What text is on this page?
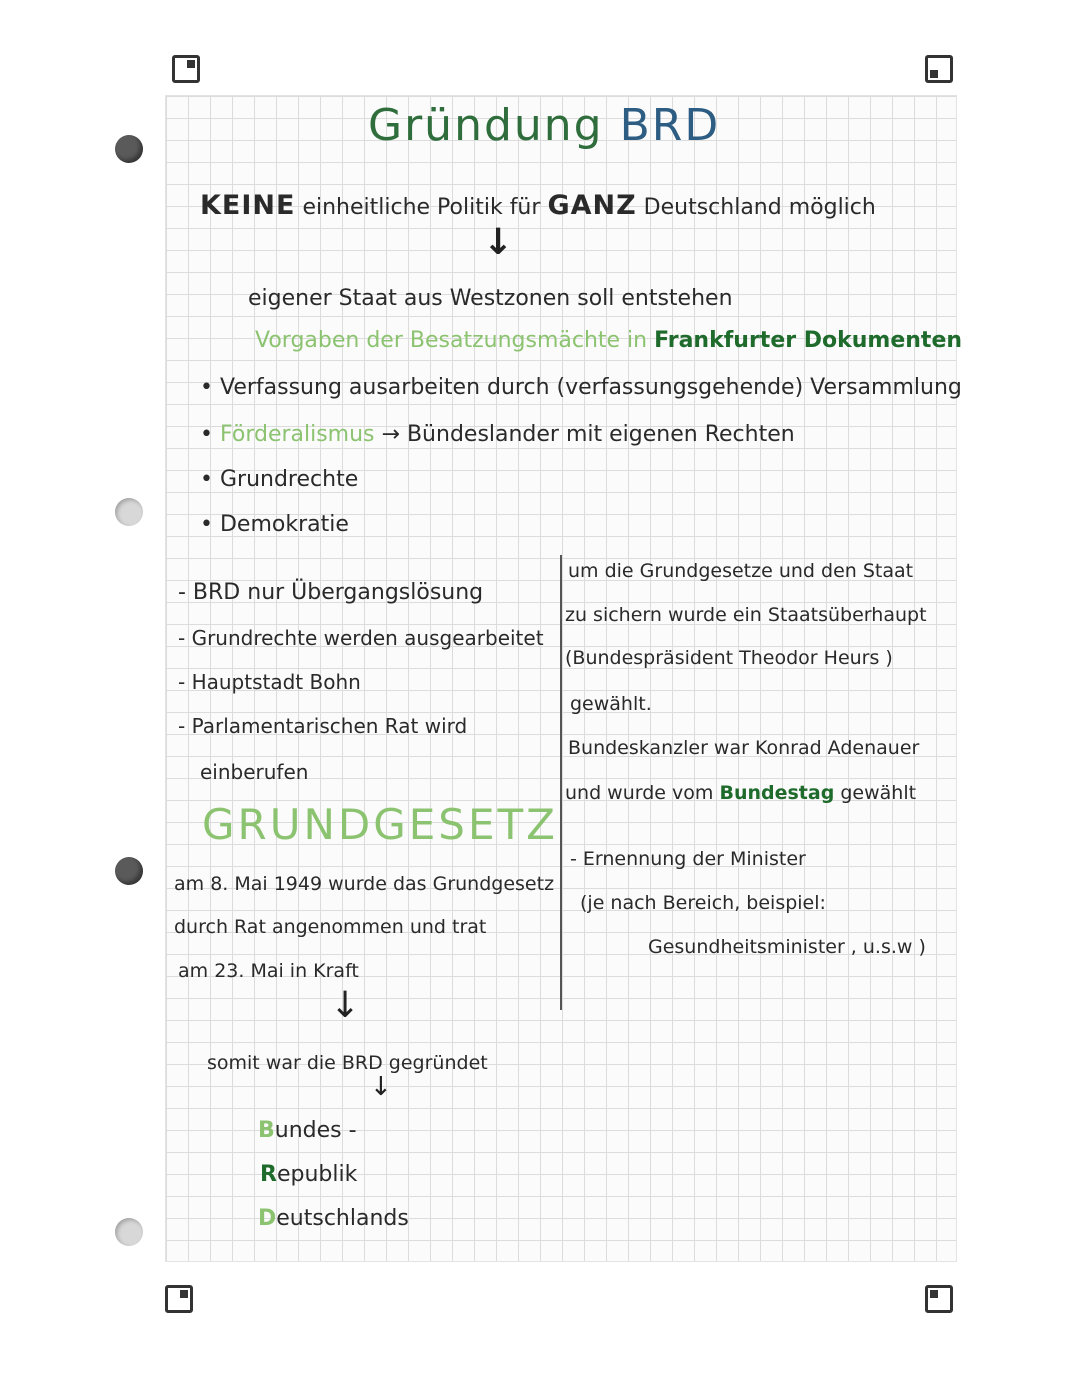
Gründung BRD
KEINE einheitliche Politik für GANZ Deutschland möglich
↓
eigener Staat aus Westzonen soll entstehen
Vorgaben der Besatzungsmächte in Frankfurter Dokumenten
• Verfassung ausarbeiten durch (verfassungsgehende) Versammlung
• Förderalismus → Bündeslander mit eigenen Rechten
• Grundrechte
• Demokratie
- BRD nur Übergangslösung
- Grundrechte werden ausgearbeitet
- Hauptstadt Bohn
- Parlamentarischen Rat wird
einberufen
GRUNDGESETZ
am 8. Mai 1949 wurde das Grundgesetz
durch Rat angenommen und trat
am 23. Mai in Kraft
↓
somit war die BRD gegründet
↓
Bundes -
Republik
Deutschlands
um die Grundgesetze und den Staat
zu sichern wurde ein Staatsüberhaupt
(Bundespräsident Theodor Heurs )
gewählt.
Bundeskanzler war Konrad Adenauer
und wurde vom Bundestag gewählt
- Ernennung der Minister
(je nach Bereich, beispiel:
Gesundheitsminister , u.s.w )
